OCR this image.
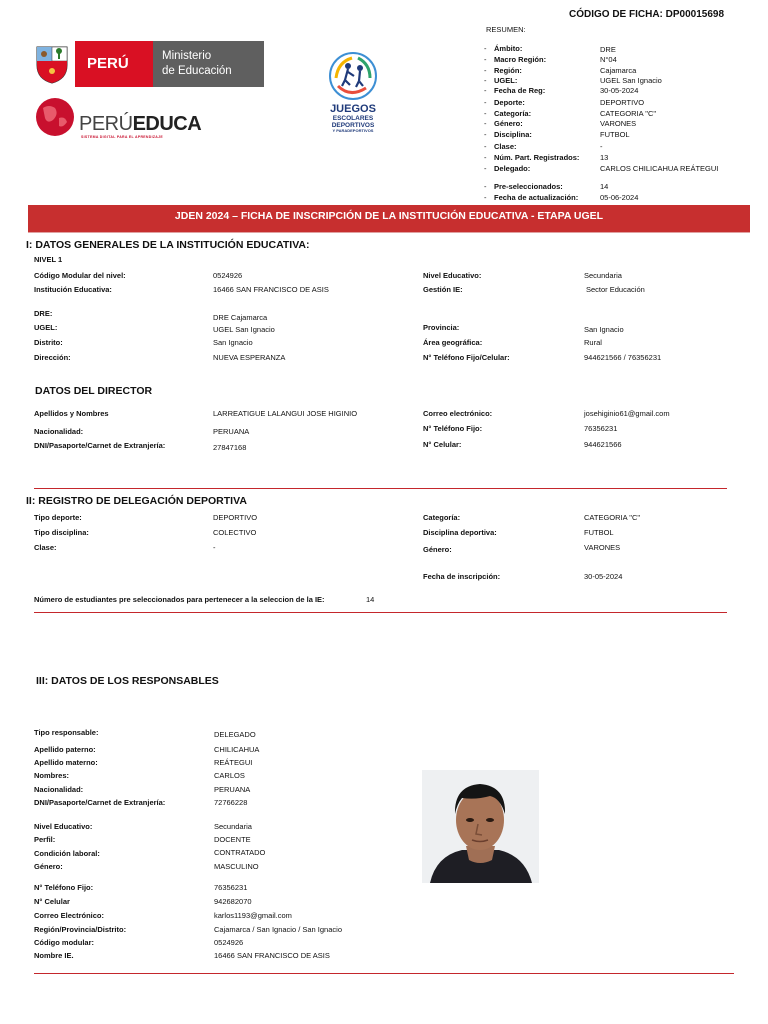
CÓDIGO DE FICHA: DP00015698
RESUMEN:
- Ámbito:	DRE
- Macro Región:	N°04
- Región:	Cajamarca
- UGEL:	UGEL San Ignacio
- Fecha de Reg:	30-05-2024
- Deporte:	DEPORTIVO
- Categoría:	CATEGORIA "C"
- Género:	VARONES
- Disciplina:	FUTBOL
- Clase:	-
- Núm. Part. Registrados:	13
- Delegado:	CARLOS CHILICAHUA REÁTEGUI
- Pre-seleccionados:	14
- Fecha de actualización:	05-06-2024
PERÚ	Ministerio
de Educación
PERÚEDUCA
SISTEMA DIGITAL PARA EL APRENDIZAJE
JUEGOS
ESCOLARES
DEPORTIVOS
Y PARADEPORTIVOS
JDEN 2024 – FICHA DE INSCRIPCIÓN DE LA INSTITUCIÓN EDUCATIVA - ETAPA UGEL
I: DATOS GENERALES DE LA INSTITUCIÓN EDUCATIVA:
NIVEL 1
Código Modular del nivel:	0524926	Nivel Educativo:	Secundaria
Institución Educativa:	16466 SAN FRANCISCO DE ASIS	Gestión IE:	Sector Educación
DRE:	DRE Cajamarca
UGEL:	UGEL San Ignacio	Provincia:	San Ignacio
Distrito:	San Ignacio	Área geográfica:	Rural
Dirección:	NUEVA ESPERANZA	N° Teléfono Fijo/Celular:	944621566 / 76356231
DATOS DEL DIRECTOR
Apellidos y Nombres	LARREATIGUE LALANGUI JOSE HIGINIO	Correo electrónico:	josehiginio61@gmail.com
Nacionalidad:	PERUANA	N° Teléfono Fijo:	76356231
DNI/Pasaporte/Carnet de Extranjería:	27847168	N° Celular:	944621566
II: REGISTRO DE DELEGACIÓN DEPORTIVA
Tipo deporte:	DEPORTIVO	Categoría:	CATEGORIA "C"
Tipo disciplina:	COLECTIVO	Disciplina deportiva:	FUTBOL
Clase:	-	Género:	VARONES
Fecha de inscripción:	30-05-2024
Número de estudiantes pre seleccionados para pertenecer a la seleccion de la IE:	14
III: DATOS DE LOS RESPONSABLES
Tipo responsable:	DELEGADO
Apellido paterno:	CHILICAHUA
Apellido materno:	REÁTEGUI
Nombres:	CARLOS
Nacionalidad:	PERUANA
DNI/Pasaporte/Carnet de Extranjería:	72766228
Nivel Educativo:	Secundaria
Perfil:	DOCENTE
Condición laboral:	CONTRATADO
Género:	MASCULINO
N° Teléfono Fijo:	76356231
N° Celular	942682070
Correo Electrónico:	karlos1193@gmail.com
Región/Provincia/Distrito:	Cajamarca / San Ignacio / San Ignacio
Código modular:	0524926
Nombre IE.	16466 SAN FRANCISCO DE ASIS
